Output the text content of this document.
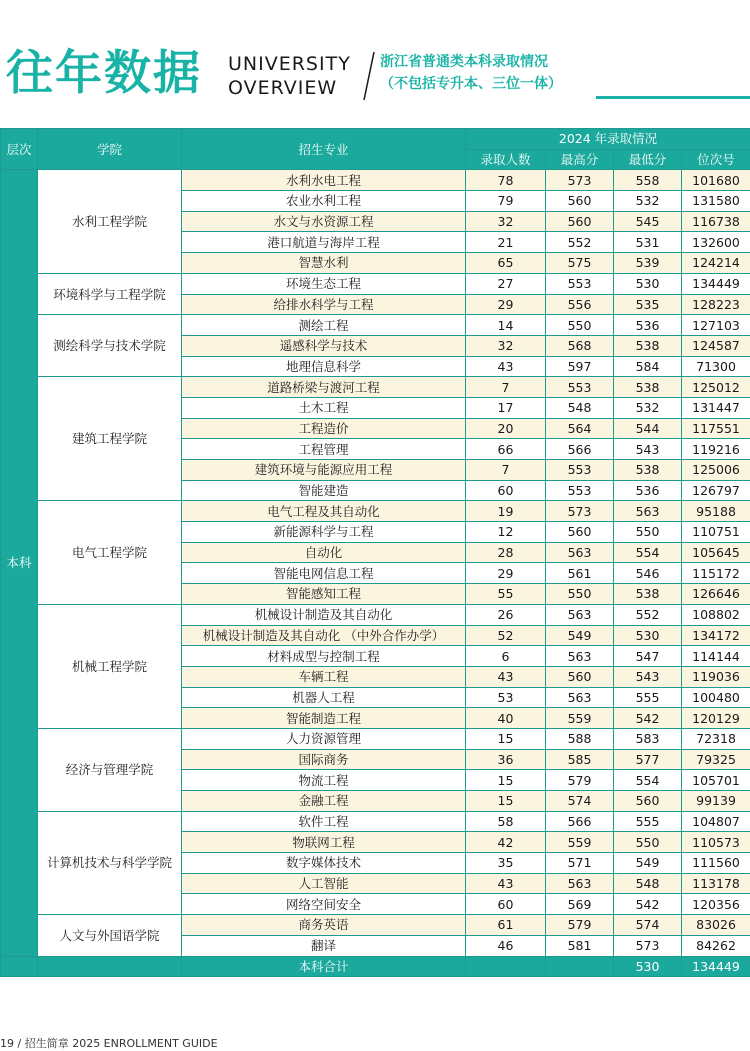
往年数据 UNIVERSITY
OVERVIEW
浙江省普通类本科录取情况
（不包括专升本、三位一体）
层次	学院	招生专业	2024 年录取情况			
			录取人数	最高分	最低分	位次号
本科	水利工程学院	水利水电工程	78	573	558	101680
		农业水利工程	79	560	532	131580
		水文与水资源工程	32	560	545	116738
		港口航道与海岸工程	21	552	531	132600
		智慧水利	65	575	539	124214
	环境科学与工程学院	环境生态工程	27	553	530	134449
		给排水科学与工程	29	556	535	128223
	测绘科学与技术学院	测绘工程	14	550	536	127103
		遥感科学与技术	32	568	538	124587
		地理信息科学	43	597	584	71300
	建筑工程学院	道路桥梁与渡河工程	7	553	538	125012
		土木工程	17	548	532	131447
		工程造价	20	564	544	117551
		工程管理	66	566	543	119216
		建筑环境与能源应用工程	7	553	538	125006
		智能建造	60	553	536	126797
	电气工程学院	电气工程及其自动化	19	573	563	95188
		新能源科学与工程	12	560	550	110751
		自动化	28	563	554	105645
		智能电网信息工程	29	561	546	115172
		智能感知工程	55	550	538	126646
	机械工程学院	机械设计制造及其自动化	26	563	552	108802
		机械设计制造及其自动化 （中外合作办学）	52	549	530	134172
		材料成型与控制工程	6	563	547	114144
		车辆工程	43	560	543	119036
		机器人工程	53	563	555	100480
		智能制造工程	40	559	542	120129
	经济与管理学院	人力资源管理	15	588	583	72318
		国际商务	36	585	577	79325
		物流工程	15	579	554	105701
		金融工程	15	574	560	99139
	计算机技术与科学学院	软件工程	58	566	555	104807
		物联网工程	42	559	550	110573
		数字媒体技术	35	571	549	111560
		人工智能	43	563	548	113178
		网络空间安全	60	569	542	120356
	人文与外国语学院	商务英语	61	579	574	83026
		翻译	46	581	573	84262
		本科合计			530	134449
19 / 招生简章 2025 ENROLLMENT GUIDE
